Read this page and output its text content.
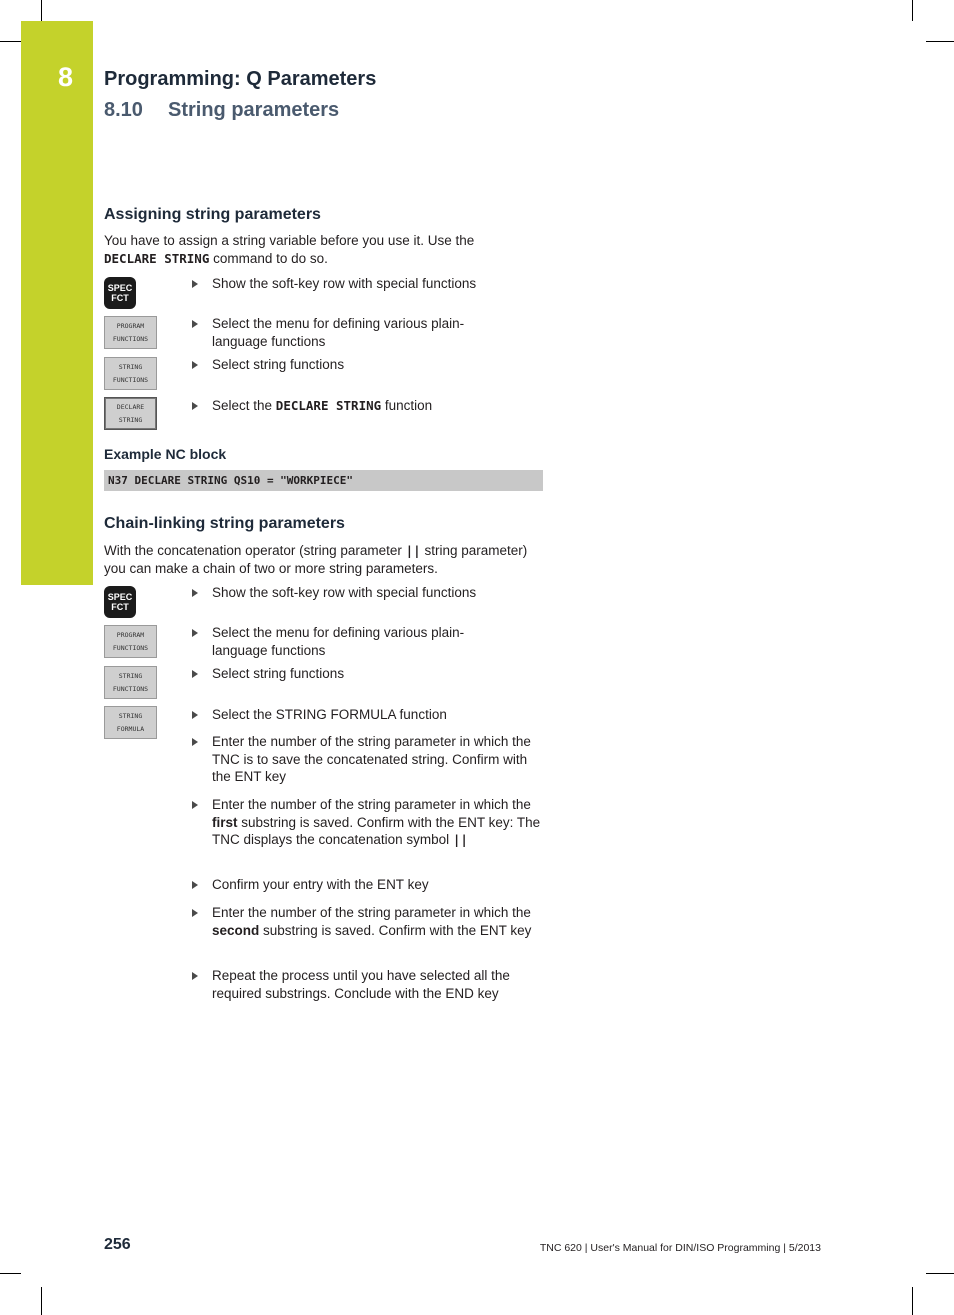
8 Programming: Q Parameters
8.10 String parameters
Assigning string parameters
You have to assign a string variable before you use it. Use the
DECLARE STRING command to do so.
SPEC
FCT
Show the soft-key row with special functions
PROGRAM
FUNCTIONS
Select the menu for defining various plain-language functions
STRING
FUNCTIONS
Select string functions
DECLARE
STRING
Select the DECLARE STRING function
Example NC block
N37 DECLARE STRING QS10 = "WORKPIECE"
Chain-linking string parameters
With the concatenation operator (string parameter || string parameter) you can make a chain of two or more string parameters.
SPEC
FCT
Show the soft-key row with special functions
PROGRAM
FUNCTIONS
Select the menu for defining various plain-language functions
STRING
FUNCTIONS
Select string functions
STRING
FORMULA
Select the STRING FORMULA function
Enter the number of the string parameter in which the TNC is to save the concatenated string. Confirm with the ENT key
Enter the number of the string parameter in which the first substring is saved. Confirm with the ENT key: The TNC displays the concatenation symbol ||
Confirm your entry with the ENT key
Enter the number of the string parameter in which the second substring is saved. Confirm with the ENT key
Repeat the process until you have selected all the required substrings. Conclude with the END key
256	TNC 620 | User's Manual for DIN/ISO Programming | 5/2013
